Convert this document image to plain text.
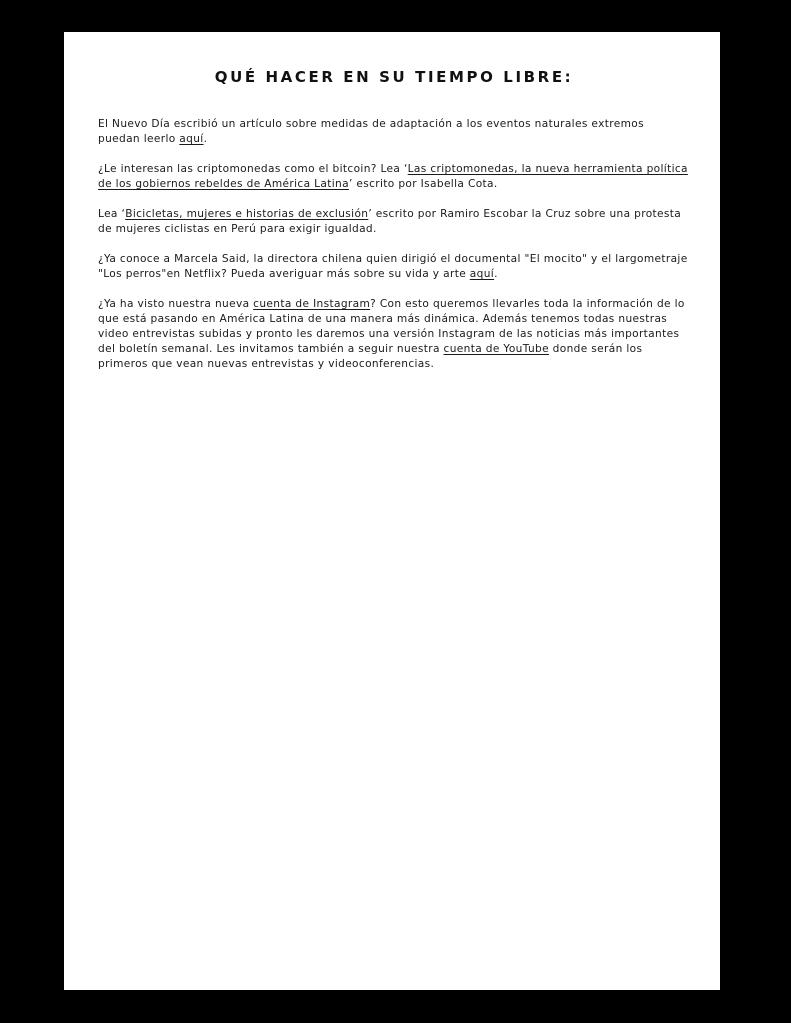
QUÉ HACER EN SU TIEMPO LIBRE:

El Nuevo Día escribió un artículo sobre medidas de adaptación a los eventos naturales extremos puedan leerlo aquí.

¿Le interesan las criptomonedas como el bitcoin? Lea ‘Las criptomonedas, la nueva herramienta política de los gobiernos rebeldes de América Latina’ escrito por Isabella Cota.

Lea ‘Bicicletas, mujeres e historias de exclusión’ escrito por Ramiro Escobar la Cruz sobre una protesta de mujeres ciclistas en Perú para exigir igualdad.

¿Ya conoce a Marcela Said, la directora chilena quien dirigió el documental "El mocito" y el largometraje "Los perros"en Netflix? Pueda averiguar más sobre su vida y arte aquí.

¿Ya ha visto nuestra nueva cuenta de Instagram? Con esto queremos llevarles toda la información de lo que está pasando en América Latina de una manera más dinámica. Además tenemos todas nuestras video entrevistas subidas y pronto les daremos una versión Instagram de las noticias más importantes del boletín semanal. Les invitamos también a seguir nuestra cuenta de YouTube donde serán los primeros que vean nuevas entrevistas y videoconferencias.
